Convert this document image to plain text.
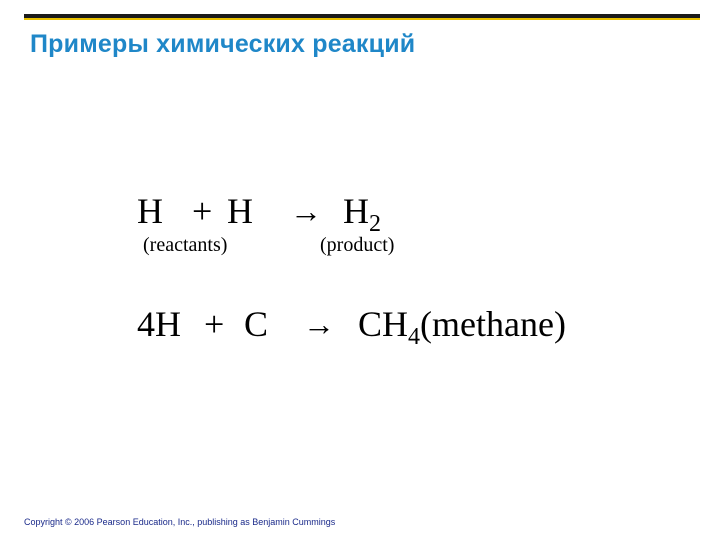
Примеры химических реакций
$H + H \to H_2$
(reactants)	(product)
$4H + C \to CH_4(methane)$
Copyright © 2006 Pearson Education, Inc., publishing as Benjamin Cummings
